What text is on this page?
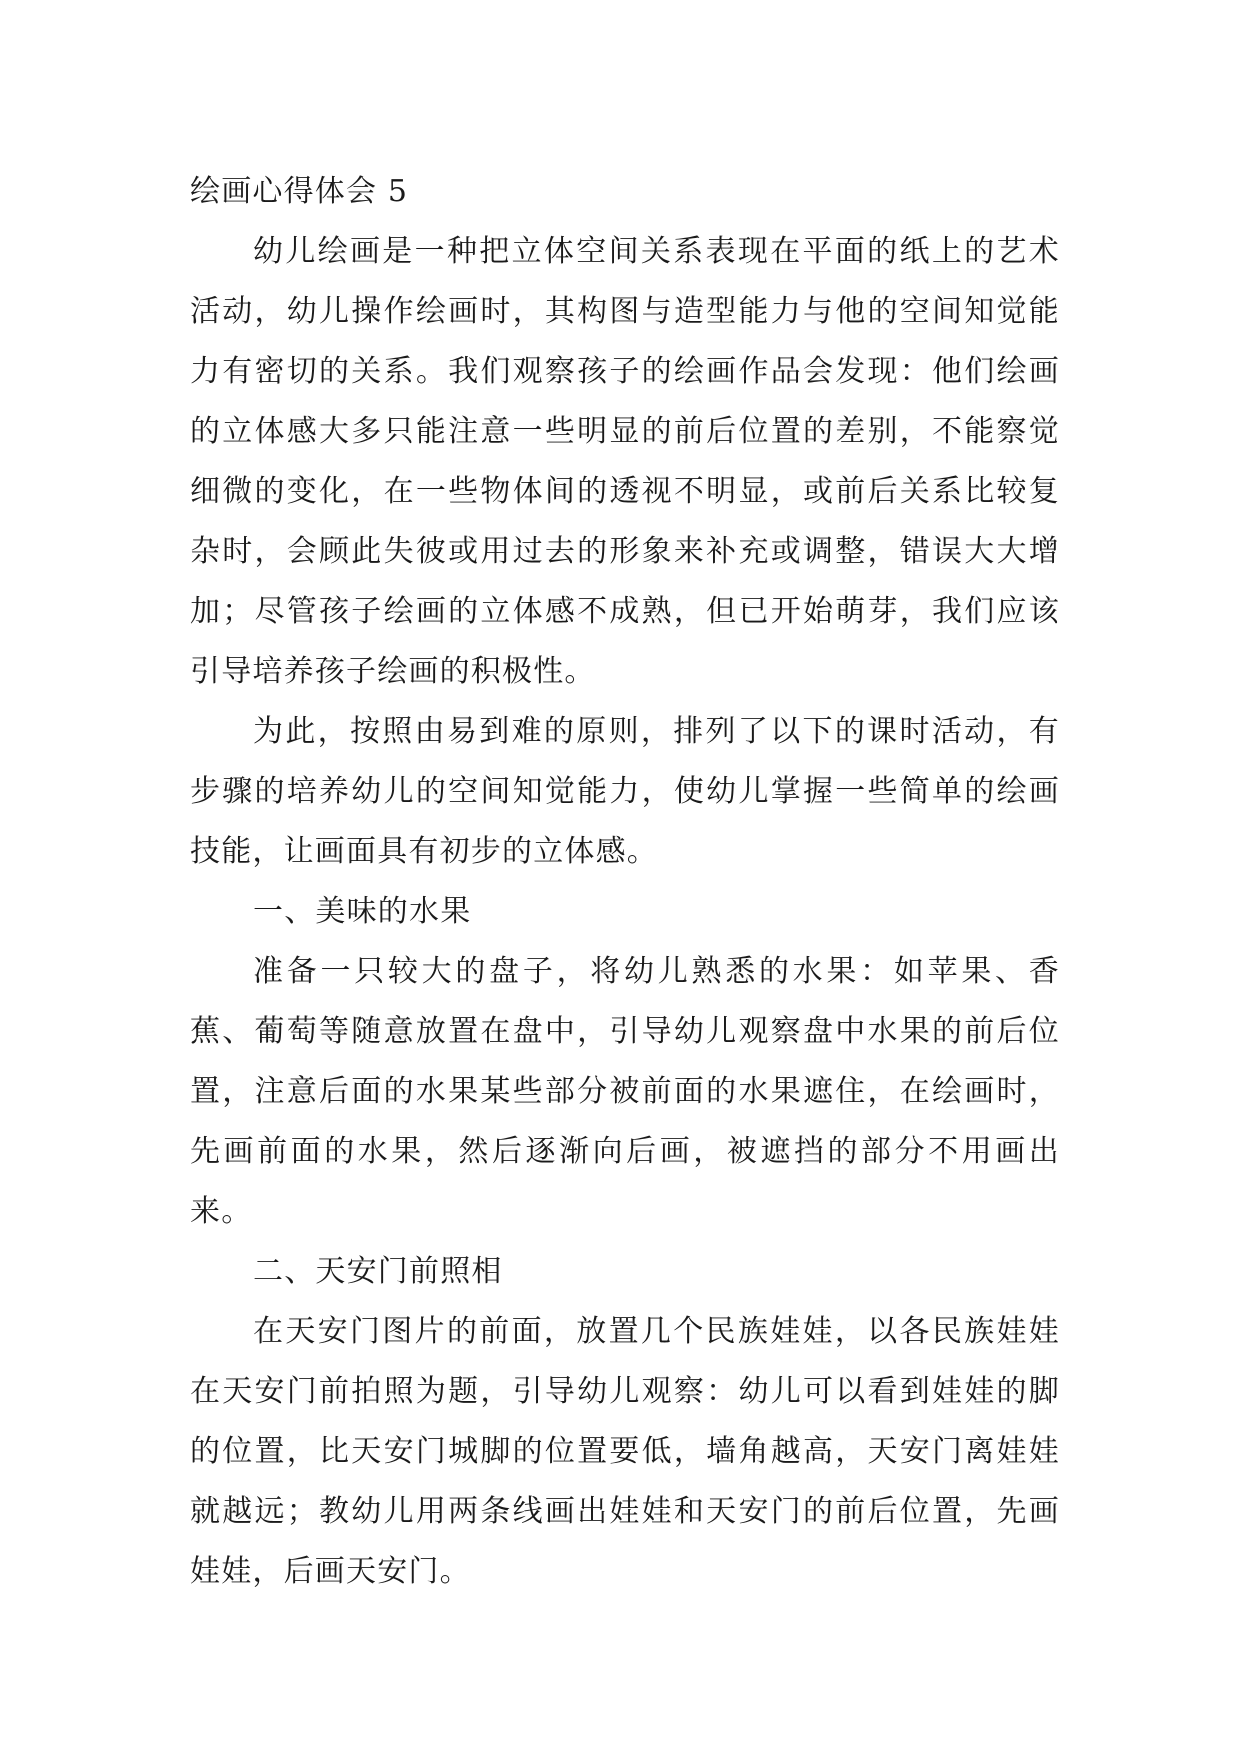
绘画心得体会 5

幼儿绘画是一种把立体空间关系表现在平面的纸上的艺术活动，幼儿操作绘画时，其构图与造型能力与他的空间知觉能力有密切的关系。我们观察孩子的绘画作品会发现：他们绘画的立体感大多只能注意一些明显的前后位置的差别，不能察觉细微的变化，在一些物体间的透视不明显，或前后关系比较复杂时，会顾此失彼或用过去的形象来补充或调整，错误大大增加；尽管孩子绘画的立体感不成熟，但已开始萌芽，我们应该引导培养孩子绘画的积极性。

为此，按照由易到难的原则，排列了以下的课时活动，有步骤的培养幼儿的空间知觉能力，使幼儿掌握一些简单的绘画技能，让画面具有初步的立体感。

一、美味的水果

准备一只较大的盘子，将幼儿熟悉的水果：如苹果、香蕉、葡萄等随意放置在盘中，引导幼儿观察盘中水果的前后位置，注意后面的水果某些部分被前面的水果遮住，在绘画时，先画前面的水果，然后逐渐向后画，被遮挡的部分不用画出来。

二、天安门前照相

在天安门图片的前面，放置几个民族娃娃，以各民族娃娃在天安门前拍照为题，引导幼儿观察：幼儿可以看到娃娃的脚的位置，比天安门城脚的位置要低，墙角越高，天安门离娃娃就越远；教幼儿用两条线画出娃娃和天安门的前后位置，先画娃娃，后画天安门。
